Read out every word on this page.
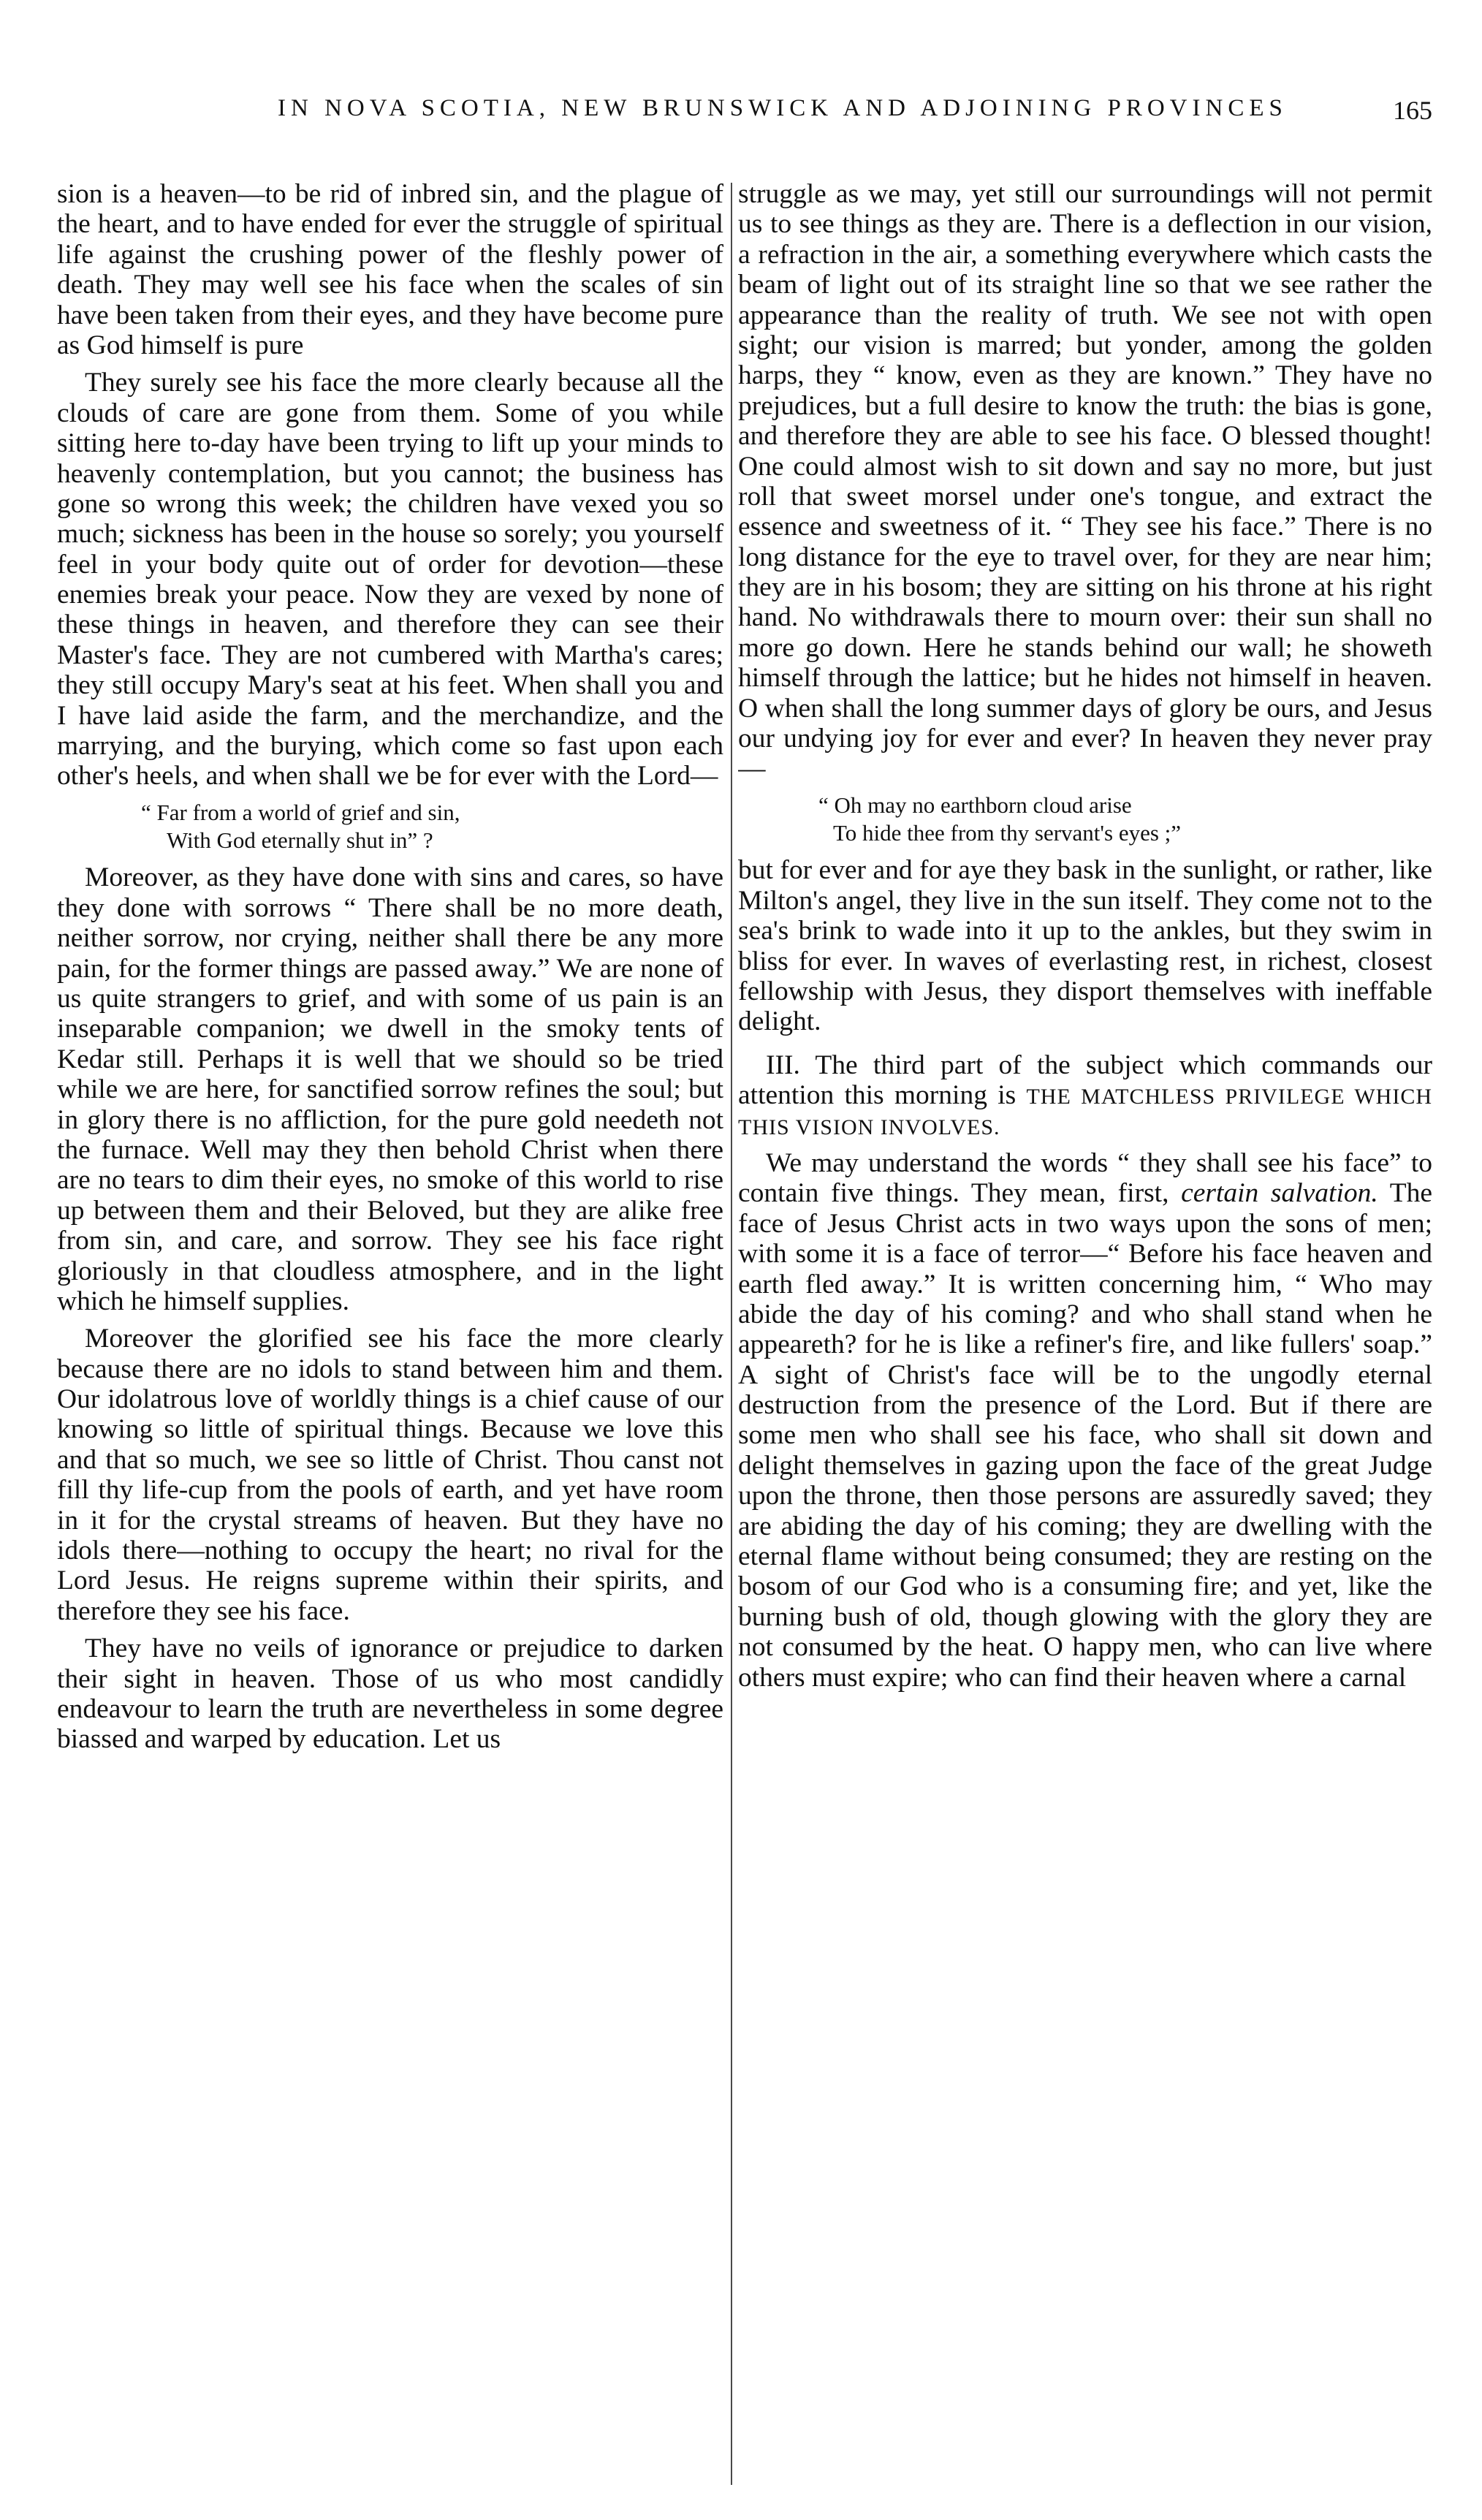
IN NOVA SCOTIA, NEW BRUNSWICK AND ADJOINING PROVINCES	165

sion is a heaven—to be rid of inbred sin, and the plague of the heart, and to have ended for ever the struggle of spiritual life against the crushing power of the fleshly power of death. They may well see his face when the scales of sin have been taken from their eyes, and they have become pure as God himself is pure

They surely see his face the more clearly because all the clouds of care are gone from them. Some of you while sitting here to-day have been trying to lift up your minds to heavenly contemplation, but you cannot; the business has gone so wrong this week; the children have vexed you so much; sickness has been in the house so sorely; you yourself feel in your body quite out of order for devotion—these enemies break your peace. Now they are vexed by none of these things in heaven, and therefore they can see their Master's face. They are not cumbered with Martha's cares; they still occupy Mary's seat at his feet. When shall you and I have laid aside the farm, and the merchandize, and the marrying, and the burying, which come so fast upon each other's heels, and when shall we be for ever with the Lord—

“ Far from a world of grief and sin,
With God eternally shut in” ?

Moreover, as they have done with sins and cares, so have they done with sorrows “ There shall be no more death, neither sorrow, nor crying, neither shall there be any more pain, for the former things are passed away.” We are none of us quite strangers to grief, and with some of us pain is an inseparable companion; we dwell in the smoky tents of Kedar still. Perhaps it is well that we should so be tried while we are here, for sanctified sorrow refines the soul; but in glory there is no affliction, for the pure gold needeth not the furnace. Well may they then behold Christ when there are no tears to dim their eyes, no smoke of this world to rise up between them and their Beloved, but they are alike free from sin, and care, and sorrow. They see his face right gloriously in that cloudless atmosphere, and in the light which he himself supplies.

Moreover the glorified see his face the more clearly because there are no idols to stand between him and them. Our idolatrous love of worldly things is a chief cause of our knowing so little of spiritual things. Because we love this and that so much, we see so little of Christ. Thou canst not fill thy life-cup from the pools of earth, and yet have room in it for the crystal streams of heaven. But they have no idols there—nothing to occupy the heart; no rival for the Lord Jesus. He reigns supreme within their spirits, and therefore they see his face.

They have no veils of ignorance or prejudice to darken their sight in heaven. Those of us who most candidly endeavour to learn the truth are nevertheless in some degree biassed and warped by education. Let us

struggle as we may, yet still our surroundings will not permit us to see things as they are. There is a deflection in our vision, a refraction in the air, a something everywhere which casts the beam of light out of its straight line so that we see rather the appearance than the reality of truth. We see not with open sight; our vision is marred; but yonder, among the golden harps, they “ know, even as they are known.” They have no prejudices, but a full desire to know the truth: the bias is gone, and therefore they are able to see his face. O blessed thought! One could almost wish to sit down and say no more, but just roll that sweet morsel under one's tongue, and extract the essence and sweetness of it. “ They see his face.” There is no long distance for the eye to travel over, for they are near him; they are in his bosom; they are sitting on his throne at his right hand. No withdrawals there to mourn over: their sun shall no more go down. Here he stands behind our wall; he showeth himself through the lattice; but he hides not himself in heaven. O when shall the long summer days of glory be ours, and Jesus our undying joy for ever and ever? In heaven they never pray—

“ Oh may no earthborn cloud arise
To hide thee from thy servant's eyes ;”

but for ever and for aye they bask in the sunlight, or rather, like Milton's angel, they live in the sun itself. They come not to the sea's brink to wade into it up to the ankles, but they swim in bliss for ever. In waves of everlasting rest, in richest, closest fellowship with Jesus, they disport themselves with ineffable delight.

III. The third part of the subject which commands our attention this morning is THE MATCHLESS PRIVILEGE WHICH THIS VISION INVOLVES.

We may understand the words “ they shall see his face” to contain five things. They mean, first, certain salvation. The face of Jesus Christ acts in two ways upon the sons of men; with some it is a face of terror—“ Before his face heaven and earth fled away.” It is written concerning him, “ Who may abide the day of his coming? and who shall stand when he appeareth? for he is like a refiner's fire, and like fullers' soap.” A sight of Christ's face will be to the ungodly eternal destruction from the presence of the Lord. But if there are some men who shall see his face, who shall sit down and delight themselves in gazing upon the face of the great Judge upon the throne, then those persons are assuredly saved; they are abiding the day of his coming; they are dwelling with the eternal flame without being consumed; they are resting on the bosom of our God who is a consuming fire; and yet, like the burning bush of old, though glowing with the glory they are not consumed by the heat. O happy men, who can live where others must expire; who can find their heaven where a carnal
